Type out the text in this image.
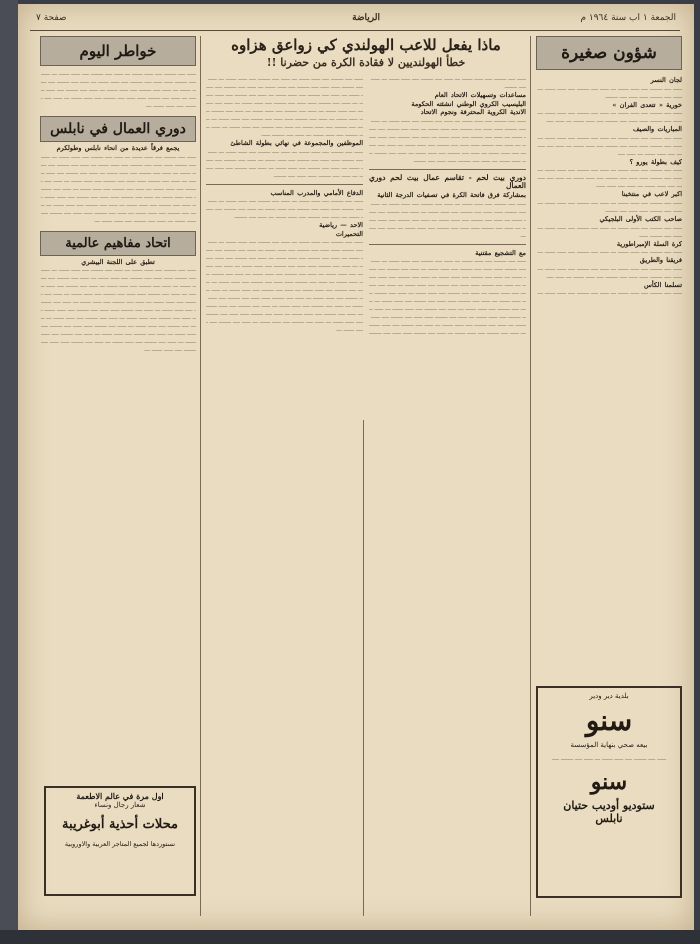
الجمعة ١ اب سنة ١٩٦٤ م
الرياضة
صفحة ٧
شؤون صغيرة
لجان النسر
ـــــ ــــ ـــــــ ــــ ـــــ ــــــ ـــ ـــــ ــــ ـــــــ ــــ ـــــ ــــــ ـــ ـــــ ــــ ـــــــ ـــــ ـــــ ــــ ـــــــ
خورية « تتعدى الفران »
ـــــ ــــ ـــــــ ــــ ـــــ ــــــ ـــ ـــــ ــــ ـــــــ ــــ ـــــ ــــــ ـــ ـــــ ــــ ـــــــ ـــــ ـــــ ــــ ـــــــ ــــ ـــــ ــــــ ـــ ـــــ ــــ
المباريات والصيف
ـــــ ــــ ـــــــ ــــ ـــــ ــــــ ـــ ـــــ ــــ ـــــــ ــــ ـــــ ــــــ ـــ ـــــ ــــ ـــــــ ـــــ ـــــ ــــ ـــــــ ــــ ـــــ ــــــ ـــ ـــــ ــــ ـــــــ ــــ ـــــ ــــــ ـــ ـــــ ــــ
كيف بطولة يورو ؟
ـــــ ــــ ـــــــ ــــ ـــــ ــــــ ـــ ـــــ ــــ ـــــــ ــــ ـــــ ــــــ ـــ ـــــ ــــ ـــــــ ـــــ ـــــ ــــ ـــــــ ــــ ـــــ ــــــ ـــ ـــــ ــــ ـــــــ ــــ ـــــ ــــــ ـــ ـــــ ــــ ـــــ ـــــ
اكبر لاعب في منتخبنا
ـــــ ــــ ـــــــ ــــ ـــــ ــــــ ـــ ـــــ ــــ ـــــــ ــــ ـــــ ــــــ ـــ ـــــ ــــ ـــــــ ـــــ ـــــ ــــ ـــــــ
صاحب الكتب الأولى البلجيكي
ـــــ ــــ ـــــــ ــــ ـــــ ــــــ ـــ ـــــ ــــ ـــــــ ــــ ـــــ ــــــ ـــ ـــــ ــــ ـــــــ ـــــ
كرة السلة الإمبراطورية
ـــــ ــــ ـــــــ ــــ ـــــ ــــــ ـــ ـــــ ــــ ـــــــ ــــ ـــــ ــــــ ـــ
فريقنا والطريق
ـــــ ــــ ـــــــ ــــ ـــــ ــــــ ـــ ـــــ ــــ ـــــــ ــــ ـــــ ــــــ ـــ ـــــ ــــ ـــــــ ـــــ ـــــ ــــ ـــــــ ــــ ـــــ ــــــ ـــ ـــــ ــــ
تسلمنا الكأس
ـــــ ــــ ـــــــ ــــ ـــــ ــــــ ـــ ـــــ ــــ ـــــــ ــــ ـــــ ــــــ ـــ
بلدية دير ودير
سنو
بيعه صحي بنهاية المؤسسة
ـــــ ــــ ـــــــ ــــ ـــــ ــــــ ـــ ـــــ ــــ ـــــــ ــــ
سنو
ستوديو أوديب حتيان
نابلس
ماذا يفعل للاعب الهولندي كي زواعق هزاوه
خطأ الهولنديين لا فقادة الكرة من حضرنا !!
ـــــ ــــ ـــــــ ــــ ـــــ ــــــ ـــ ـــــ ــــ ـــــــ ــــ ـــــ ــــــ ـــ ـــــ ــــ ـــــــ
مساعدات وتسهيلات الاتحاد العام
البليسيب الكروي الوطني انشئته الحكومة
الاندية الكروية المحترفة ونجوم الاتحاد
ـــــ ــــ ـــــــ ــــ ـــــ ــــــ ـــ ـــــ ــــ ـــــــ ــــ ـــــ ــــــ ـــ ـــــ ــــ ـــــــ ـــــ ـــــ ــــ ـــــــ ــــ ـــــ ــــــ ـــ ـــــ ــــ ـــــــ ــــ ـــــ ــــــ ـــ ـــــ ــــ ـــــــ ــــ ـــــ ــــــ ـــ ـــــ ــــ ـــــــ ــــ ـــــ ــــــ ـــ ـــــ ــــ ـــــــ ـــــ ـــــ ــــ ـــــــ ــــ ـــــ ــــــ ـــ ـــــ ــــ ـــــــ ــــ ـــــ ــــــ ـــ ـــــ ــــ ـــــــ ــــ ـــــ ــــــ ـــ ـــــ ــــ ـــــــ ــــ ـــــ ــــــ ـــ ـــــ ــــ ـــــــ ـــــ ـــــ ــــ ـــــــ
دوري بيت لحم - تقاسم عمال بيت لحم دوري العمال
بمشاركة فرق فاتحة الكرة في تصفيات الدرجة الثانية
ـــــ ــــ ـــــــ ــــ ـــــ ــــــ ـــ ـــــ ــــ ـــــــ ــــ ـــــ ــــــ ـــ ـــــ ــــ ـــــــ ـــــ ـــــ ــــ ـــــــ ــــ ـــــ ــــــ ـــ ـــــ ــــ ـــــــ ــــ ـــــ ــــــ ـــ ـــــ ــــ ـــــــ ــــ ـــــ ــــــ ـــ ـــــ ــــ ـــــــ ــــ ـــــ ــــــ ـــ ـــــ ــــ ـــــــ ـــــ ـــــ ــــ ـــــــ ــــ ـــــ ــــــ ـــ ـــــ ــــ ـــــــ
مع التشجيع مقتنية
ـــــ ــــ ـــــــ ــــ ـــــ ــــــ ـــ ـــــ ــــ ـــــــ ــــ ـــــ ــــــ ـــ ـــــ ــــ ـــــــ ـــــ ـــــ ــــ ـــــــ ــــ ـــــ ــــــ ـــ ـــــ ــــ ـــــــ ــــ ـــــ ــــــ ـــ ـــــ ــــ ـــــــ ــــ ـــــ ــــــ ـــ ـــــ ــــ ـــــــ ــــ ـــــ ــــــ ـــ ـــــ ــــ ـــــــ ـــــ ـــــ ــــ ـــــــ ــــ ـــــ ــــــ ـــ ـــــ ــــ ـــــــ ــــ ـــــ ــــــ ـــ ـــــ ــــ ـــــــ ــــ ـــــ ــــــ ـــ ـــــ ــــ ـــــــ ــــ ـــــ ــــــ ـــ ـــــ ــــ ـــــــ ـــــ ـــــ ــــ ـــــــ ــــ ـــــ ــــــ ـــ ـــــ ــــ ـــــــ ــــ ـــــ ــــــ ـــ ـــــ ــــ ـــــــ ــــ ـــــ ــــــ ـــ ـــــ ــــ ـــــــ ــــ ـــــ ــــــ ـــ ـــــ ــــ ـــــــ ـــــ ـــــ ــــ ـــــــ ــــ ـــــ ــــــ ـــ ـــــ ــــ ـــــــ ــــ ـــــ ــــــ ـــ ـــــ ــــ ـــــــ ــــ ـــــ ــــــ ـــ ـــــ ــــ ـــــــ ــــ ـــــ ــــــ ـــ ـــــ ــــ ـــــــ ـــــ ـــــ ــــ ـــــــ
ـــــ ــــ ـــــــ ــــ ـــــ ــــــ ـــ ـــــ ــــ ـــــــ ــــ ـــــ ــــــ ـــ ـــــ ــــ ـــــــ ـــــ ـــــ ــــ ـــــــ ــــ ـــــ ــــــ ـــ ـــــ ــــ ـــــــ ــــ ـــــ ــــــ ـــ ـــــ ــــ ـــــــ ــــ ـــــ ــــــ ـــ ـــــ ــــ ـــــــ ــــ ـــــ ــــــ ـــ ـــــ ــــ ـــــــ ـــــ ـــــ ــــ ـــــــ ــــ ـــــ ــــــ ـــ ـــــ ــــ ـــــــ ــــ ـــــ ــــــ ـــ ـــــ ــــ ـــــــ ــــ ـــــ ــــــ ـــ ـــــ ــــ ـــــــ ــــ ـــــ ــــــ ـــ ـــــ ــــ ـــــــ ـــــ ـــــ ــــ ـــــــ ــــ ـــــ ــــــ ـــ ـــــ ــــ ـــــــ ــــ ـــــ ــــــ ـــ ـــــ ــــ ـــــــ ــــ ـــــ ــــــ ـــ ـــــ ــــ ـــــــ ــــ ـــــ ــــــ ـــ ـــــ ــــ ـــــــ ـــــ
الموظفين والمجموعة في نهائي بطولة الشاطئ
ـــــ ــــ ـــــــ ــــ ـــــ ــــــ ـــ ـــــ ــــ ـــــــ ــــ ـــــ ــــــ ـــ ـــــ ــــ ـــــــ ـــــ ـــــ ــــ ـــــــ ــــ ـــــ ــــــ ـــ ـــــ ــــ ـــــــ ــــ ـــــ ــــــ ـــ ـــــ ــــ ـــــــ ــــ ـــــ ــــــ ـــ ـــــ ــــ ـــــــ ــــ ـــــ ــــــ ـــ ـــــ ــــ ـــــــ ـــــ ـــــ ــــ ـــــــ
الدفاع الأمامي والمدرب المناسب
ـــــ ــــ ـــــــ ــــ ـــــ ــــــ ـــ ـــــ ــــ ـــــــ ــــ ـــــ ــــــ ـــ ـــــ ــــ ـــــــ ـــــ ـــــ ــــ ـــــــ ــــ ـــــ ــــــ ـــ ـــــ ــــ ـــــــ ــــ ـــــ ــــــ ـــ ـــــ ــــ ـــــــ ــــ ـــــ ــــــ ـــ ـــــ ــــ ـــــــ
الاحد — رياضية
التحميرات
ـــــ ــــ ـــــــ ــــ ـــــ ــــــ ـــ ـــــ ــــ ـــــــ ــــ ـــــ ــــــ ـــ ـــــ ــــ ـــــــ ـــــ ـــــ ــــ ـــــــ ــــ ـــــ ــــــ ـــ ـــــ ــــ ـــــــ ــــ ـــــ ــــــ ـــ ـــــ ــــ ـــــــ ــــ ـــــ ــــــ ـــ ـــــ ــــ ـــــــ ــــ ـــــ ــــــ ـــ ـــــ ــــ ـــــــ ـــــ ـــــ ــــ ـــــــ ــــ ـــــ ــــــ ـــ ـــــ ــــ ـــــــ ــــ ـــــ ــــــ ـــ ـــــ ــــ ـــــــ ــــ ـــــ ــــــ ـــ ـــــ ــــ ـــــــ ــــ ـــــ ــــــ ـــ ـــــ ــــ ـــــــ ـــــ ـــــ ــــ ـــــــ ــــ ـــــ ــــــ ـــ ـــــ ــــ ـــــــ ــــ ـــــ ــــــ ـــ ـــــ ــــ ـــــــ ــــ ـــــ ــــــ ـــ ـــــ ــــ ـــــــ ــــ ـــــ ــــــ ـــ ـــــ ــــ ـــــــ ـــــ ـــــ ــــ ـــــــ ــــ ـــــ ــــــ ـــ ـــــ ــــ ـــــــ ــــ ـــــ ــــــ ـــ ـــــ ــــ ـــــــ ــــ ـــــ ــــــ ـــ ـــــ ــــ ـــــــ ــــ ـــــ ــــــ ـــ ـــــ ــــ ـــــــ ـــــ ـــــ ــــ ـــــــ ــــ ـــــ ــــــ ـــ ـــــ ــــ ـــــــ ــــ ـــــ ــــــ ـــ ـــــ ــــ ـــــــ ــــ ـــــ ــــــ ـــ
خواطر اليوم
ـــــ ــــ ـــــــ ــــ ـــــ ــــــ ـــ ـــــ ــــ ـــــــ ــــ ـــــ ــــــ ـــ ـــــ ــــ ـــــــ ـــــ ـــــ ــــ ـــــــ ــــ ـــــ ــــــ ـــ ـــــ ــــ ـــــــ ــــ ـــــ ــــــ ـــ ـــــ ــــ ـــــــ ــــ ـــــ ــــــ ـــ ـــــ ــــ ـــــــ ــــ ـــــ ــــــ ـــ ـــــ ــــ ـــــــ ـــــ ـــــ ــــ ـــــــ ــــ ـــــ ــــــ ـــ ـــــ ــــ ـــــــ ــــ ـــــ ــــــ ـــ
دوري العمال في نابلس
يجمع فرقاً عديدة من انحاء نابلس وطولكرم
ـــــ ــــ ـــــــ ــــ ـــــ ــــــ ـــ ـــــ ــــ ـــــــ ــــ ـــــ ــــــ ـــ ـــــ ــــ ـــــــ ـــــ ـــــ ــــ ـــــــ ــــ ـــــ ــــــ ـــ ـــــ ــــ ـــــــ ــــ ـــــ ــــــ ـــ ـــــ ــــ ـــــــ ــــ ـــــ ــــــ ـــ ـــــ ــــ ـــــــ ــــ ـــــ ــــــ ـــ ـــــ ــــ ـــــــ ـــــ ـــــ ــــ ـــــــ ــــ ـــــ ــــــ ـــ ـــــ ــــ ـــــــ ــــ ـــــ ــــــ ـــ ـــــ ــــ ـــــــ ــــ ـــــ ــــــ ـــ ـــــ ــــ ـــــــ ــــ ـــــ ــــــ ـــ ـــــ ــــ ـــــــ ـــــ ـــــ ــــ ـــــــ ــــ ـــــ ــــــ ـــ ـــــ ــــ ـــــــ ــــ ـــــ ــــــ ـــ ـــــ ــــ ـــــــ ــــ ـــــ ــــــ ـــ ـــــ ــــ ـــــــ ــــ ـــــ ــــــ ـــ ـــــ ــــ ـــــــ ـــــ ـــــ ــــ ـــــــ ــــ ـــــ ــــــ ـــ ـــــ ــــ ـــــــ ــــ ـــــ ــــــ ـــ
اتحاد مفاهيم عالمية
تطبق على اللجنة البيشري
ـــــ ــــ ـــــــ ــــ ـــــ ــــــ ـــ ـــــ ــــ ـــــــ ــــ ـــــ ــــــ ـــ ـــــ ــــ ـــــــ ـــــ ـــــ ــــ ـــــــ ــــ ـــــ ــــــ ـــ ـــــ ــــ ـــــــ ــــ ـــــ ــــــ ـــ ـــــ ــــ ـــــــ ــــ ـــــ ــــــ ـــ ـــــ ــــ ـــــــ ــــ ـــــ ــــــ ـــ ـــــ ــــ ـــــــ ـــــ ـــــ ــــ ـــــــ ــــ ـــــ ــــــ ـــ ـــــ ــــ ـــــــ ــــ ـــــ ــــــ ـــ ـــــ ــــ ـــــــ ــــ ـــــ ــــــ ـــ ـــــ ــــ ـــــــ ــــ ـــــ ــــــ ـــ ـــــ ــــ ـــــــ ـــــ ـــــ ــــ ـــــــ ــــ ـــــ ــــــ ـــ ـــــ ــــ ـــــــ ــــ ـــــ ــــــ ـــ ـــــ ــــ ـــــــ ــــ ـــــ ــــــ ـــ ـــــ ــــ ـــــــ ــــ ـــــ ــــــ ـــ ـــــ ــــ ـــــــ ـــــ ـــــ ــــ ـــــــ ــــ ـــــ ــــــ ـــ ـــــ ــــ ـــــــ ــــ ـــــ ــــــ ـــ ـــــ ــــ ـــــــ ــــ ـــــ ــــــ ـــ ـــــ ــــ ـــــــ ــــ ـــــ ــــــ ـــ ـــــ ــــ ـــــــ ـــــ ـــــ ــــ ـــــــ ــــ ـــــ ــــــ ـــ
اول مرة في عالم الاطعمة
شعار رجال ونساء
محلات أحذية أبوغريبة
نستوردها لجميع المتاجر العربية والاوروبية
